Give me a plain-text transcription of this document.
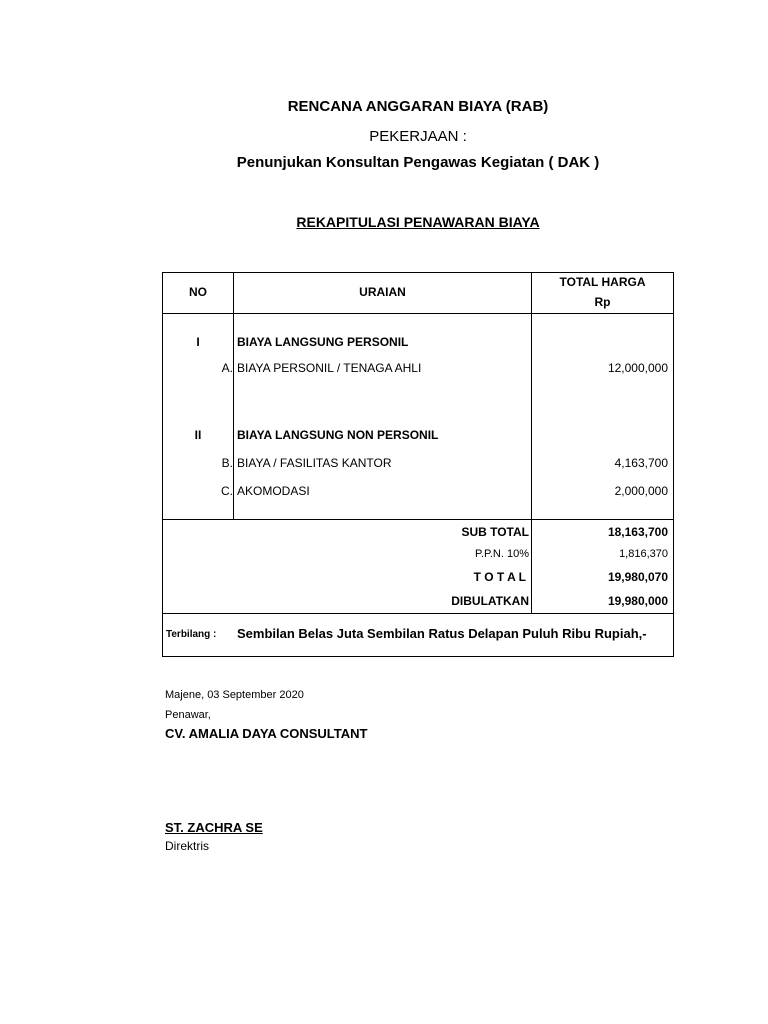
RENCANA ANGGARAN BIAYA (RAB)
PEKERJAAN :
Penunjukan Konsultan Pengawas Kegiatan ( DAK )
REKAPITULASI PENAWARAN BIAYA
NO	URAIAN
TOTAL HARGA
Rp
I	BIAYA LANGSUNG PERSONIL
A. BIAYA PERSONIL / TENAGA AHLI	12,000,000
II	BIAYA LANGSUNG NON PERSONIL
B. BIAYA / FASILITAS KANTOR	4,163,700
C. AKOMODASI	2,000,000
SUB TOTAL	18,163,700
P.P.N. 10%	1,816,370
T O T A L	19,980,070
DIBULATKAN	19,980,000
Terbilang : Sembilan Belas Juta Sembilan Ratus Delapan Puluh Ribu Rupiah,-
Majene, 03 September 2020
Penawar,
CV. AMALIA DAYA CONSULTANT
ST. ZACHRA SE
Direktris
